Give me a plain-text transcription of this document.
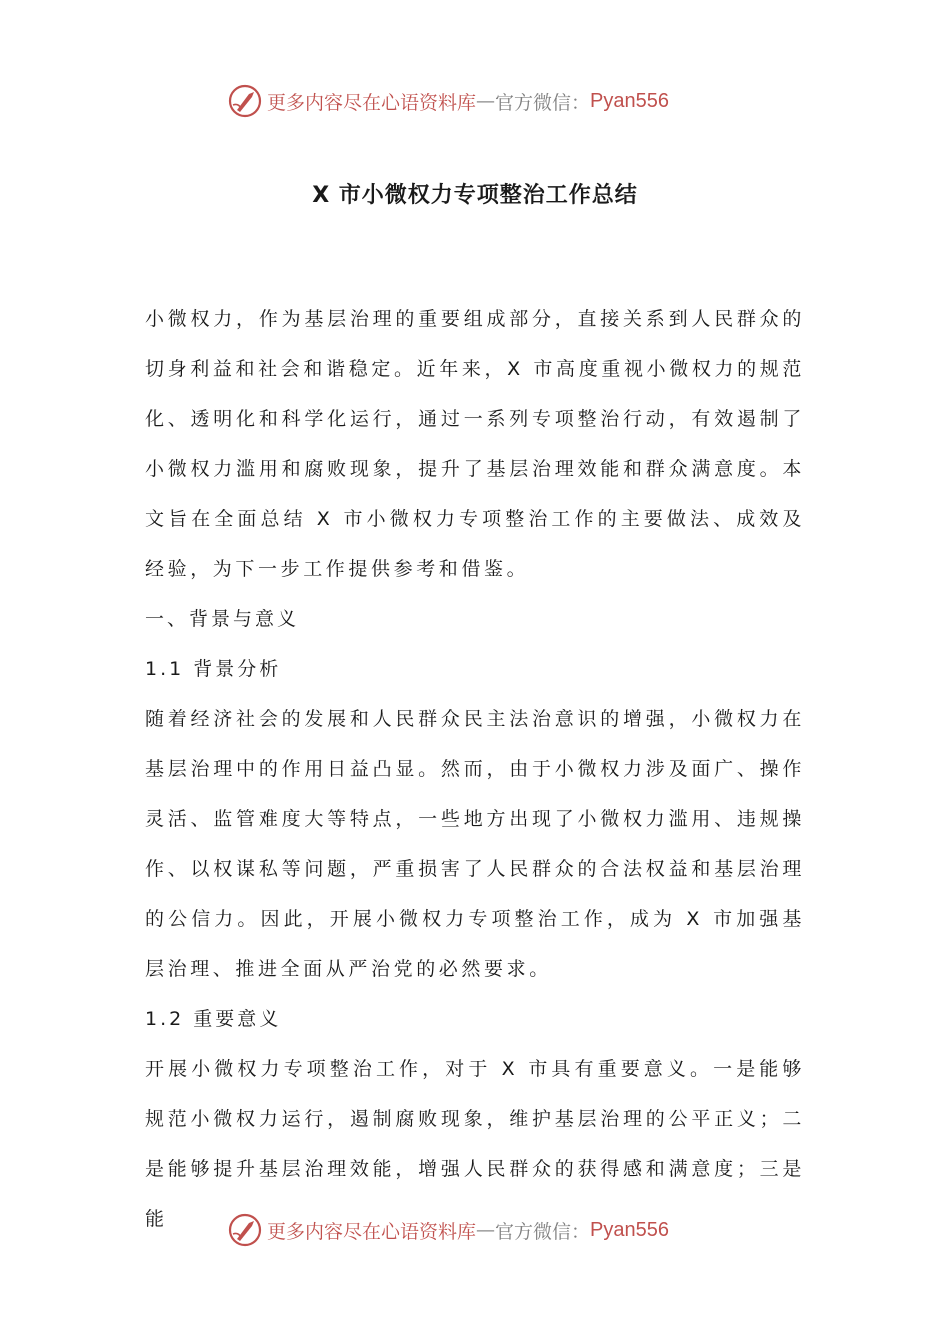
更多内容尽在心语资料库 — 官方微信： Pyan556
X 市小微权力专项整治工作总结

小微权力，作为基层治理的重要组成部分，直接关系到人民群众的切身利益和社会和谐稳定。近年来，X 市高度重视小微权力的规范化、透明化和科学化运行，通过一系列专项整治行动，有效遏制了小微权力滥用和腐败现象，提升了基层治理效能和群众满意度。本文旨在全面总结 X 市小微权力专项整治工作的主要做法、成效及经验，为下一步工作提供参考和借鉴。

一、背景与意义

1.1 背景分析

随着经济社会的发展和人民群众民主法治意识的增强，小微权力在基层治理中的作用日益凸显。然而，由于小微权力涉及面广、操作灵活、监管难度大等特点，一些地方出现了小微权力滥用、违规操作、以权谋私等问题，严重损害了人民群众的合法权益和基层治理的公信力。因此，开展小微权力专项整治工作，成为 X 市加强基层治理、推进全面从严治党的必然要求。

1.2 重要意义

开展小微权力专项整治工作，对于 X 市具有重要意义。一是能够规范小微权力运行，遏制腐败现象，维护基层治理的公平正义；二是能够提升基层治理效能，增强人民群众的获得感和满意度；三是能

更多内容尽在心语资料库 — 官方微信： Pyan556
